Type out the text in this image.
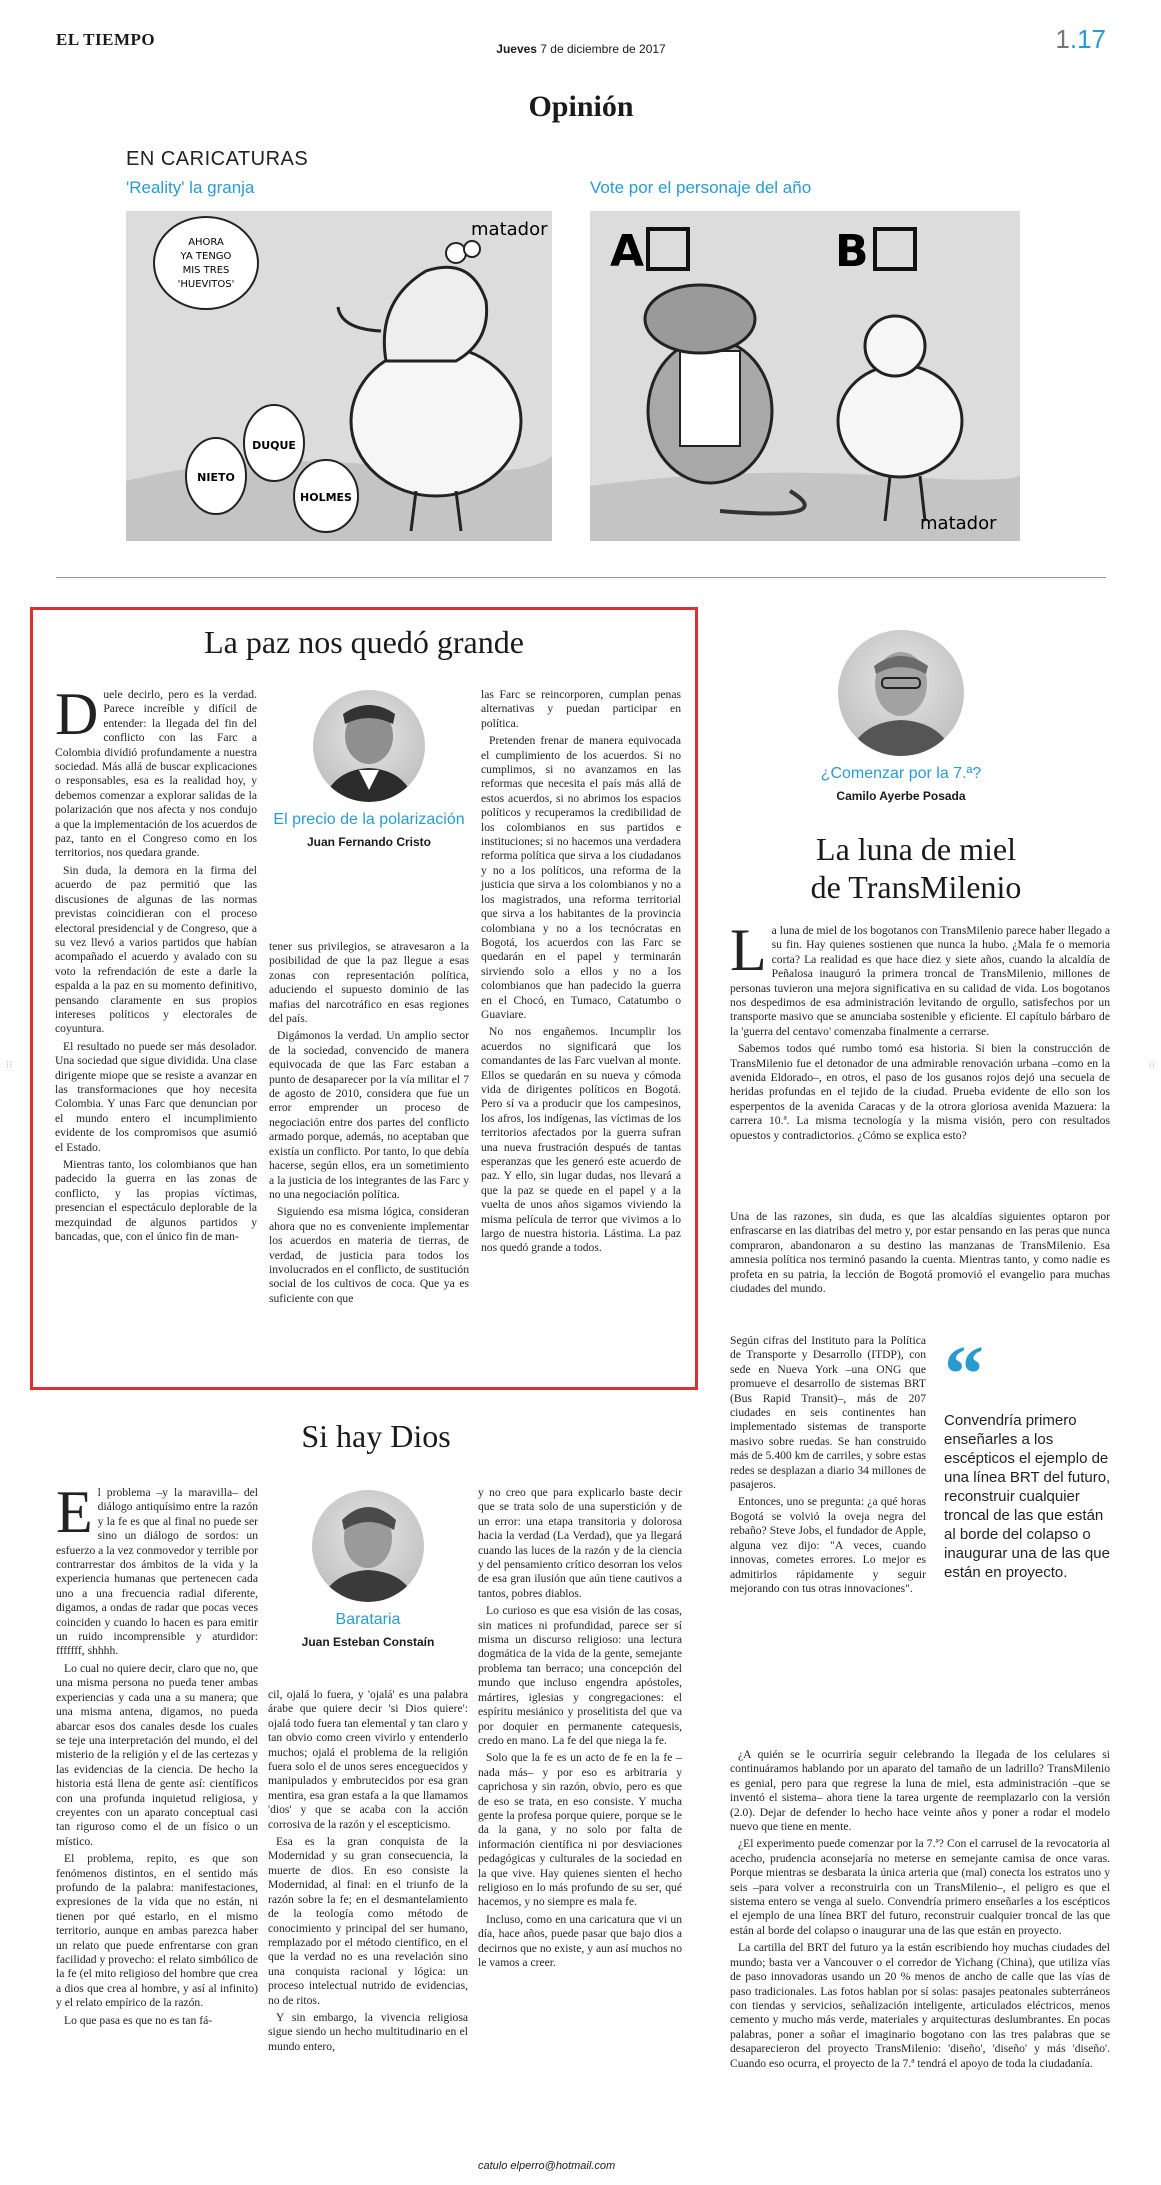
EL TIEMPO	Jueves 7 de diciembre de 2017	1.17
Opinión
EN CARICATURAS
'Reality' la granja	Vote por el personaje del año
AHORA
YA TENGO
MIS TRES
'HUEVITOS'
NIETO
DUQUE
HOLMES
matador A	B
matador
La paz nos quedó grande

Duele decirlo, pero es la verdad. Parece increíble y difícil de entender: la llegada del fin del conflicto con las Farc a Colombia dividió profundamente a nuestra sociedad. Más allá de buscar explicaciones o responsables, esa es la realidad hoy, y debemos comenzar a explorar salidas de la polarización que nos afecta y nos condujo a que la implementación de los acuerdos de paz, tanto en el Congreso como en los territorios, nos quedara grande.

Sin duda, la demora en la firma del acuerdo de paz permitió que las discusiones de algunas de las normas previstas coincidieran con el proceso electoral presidencial y de Congreso, que a su vez llevó a varios partidos que habían acompañado el acuerdo y avalado con su voto la refrendación de este a darle la espalda a la paz en su momento definitivo, pensando claramente en sus propios intereses políticos y electorales de coyuntura.

El resultado no puede ser más desolador. Una sociedad que sigue dividida. Una clase dirigente miope que se resiste a avanzar en las transformaciones que hoy necesita Colombia. Y unas Farc que denuncian por el mundo entero el incumplimiento evidente de los compromisos que asumió el Estado.

Mientras tanto, los colombianos que han padecido la guerra en las zonas de conflicto, y las propias víctimas, presencian el espectáculo deplorable de la mezquindad de algunos partidos y bancadas, que, con el único fin de man-

El precio de la polarización
Juan Fernando Cristo

tener sus privilegios, se atravesaron a la posibilidad de que la paz llegue a esas zonas con representación política, aduciendo el supuesto dominio de las mafias del narcotráfico en esas regiones del país.

Digámonos la verdad. Un amplio sector de la sociedad, convencido de manera equivocada de que las Farc estaban a punto de desaparecer por la vía militar el 7 de agosto de 2010, considera que fue un error emprender un proceso de negociación entre dos partes del conflicto armado porque, además, no aceptaban que existía un conflicto. Por tanto, lo que debía hacerse, según ellos, era un sometimiento a la justicia de los integrantes de las Farc y no una negociación política.

Siguiendo esa misma lógica, consideran ahora que no es conveniente implementar los acuerdos en materia de tierras, de verdad, de justicia para todos los involucrados en el conflicto, de sustitución social de los cultivos de coca. Que ya es suficiente con que

las Farc se reincorporen, cumplan penas alternativas y puedan participar en política.

Pretenden frenar de manera equivocada el cumplimiento de los acuerdos. Si no cumplimos, si no avanzamos en las reformas que necesita el país más allá de estos acuerdos, si no abrimos los espacios políticos y recuperamos la credibilidad de los colombianos en sus partidos e instituciones; si no hacemos una verdadera reforma política que sirva a los ciudadanos y no a los políticos, una reforma de la justicia que sirva a los colombianos y no a los magistrados, una reforma territorial que sirva a los habitantes de la provincia colombiana y no a los tecnócratas en Bogotá, los acuerdos con las Farc se quedarán en el papel y terminarán sirviendo solo a ellos y no a los colombianos que han padecido la guerra en el Chocó, en Tumaco, Catatumbo o Guaviare.

No nos engañemos. Incumplir los acuerdos no significará que los comandantes de las Farc vuelvan al monte. Ellos se quedarán en su nueva y cómoda vida de dirigentes políticos en Bogotá. Pero sí va a producir que los campesinos, los afros, los indígenas, las víctimas de los territorios afectados por la guerra sufran una nueva frustración después de tantas esperanzas que les generó este acuerdo de paz. Y ello, sin lugar dudas, nos llevará a que la paz se quede en el papel y a la vuelta de unos años sigamos viviendo la misma película de terror que vivimos a lo largo de nuestra historia. Lástima. La paz nos quedó grande a todos.

Si hay Dios

El problema –y la maravilla– del diálogo antiquísimo entre la razón y la fe es que al final no puede ser sino un diálogo de sordos: un esfuerzo a la vez conmovedor y terrible por contrarrestar dos ámbitos de la vida y la experiencia humanas que pertenecen cada uno a una frecuencia radial diferente, digamos, a ondas de radar que pocas veces coinciden y cuando lo hacen es para emitir un ruido incomprensible y aturdidor: fffffff, shhhh.

Lo cual no quiere decir, claro que no, que una misma persona no pueda tener ambas experiencias y cada una a su manera; que una misma antena, digamos, no pueda abarcar esos dos canales desde los cuales se teje una interpretación del mundo, el del misterio de la religión y el de las certezas y las evidencias de la ciencia. De hecho la historia está llena de gente así: científicos con una profunda inquietud religiosa, y creyentes con un aparato conceptual casi tan riguroso como el de un físico o un místico.

El problema, repito, es que son fenómenos distintos, en el sentido más profundo de la palabra: manifestaciones, expresiones de la vida que no están, ni tienen por qué estarlo, en el mismo territorio, aunque en ambas parezca haber un relato que puede enfrentarse con gran facilidad y provecho: el relato simbólico de la fe (el mito religioso del hombre que crea a dios que crea al hombre, y así al infinito) y el relato empírico de la razón.

Lo que pasa es que no es tan fá-

Barataria
Juan Esteban Constaín

cil, ojalá lo fuera, y 'ojalá' es una palabra árabe que quiere decir 'si Dios quiere': ojalá todo fuera tan elemental y tan claro y tan obvio como creen vivirlo y entenderlo muchos; ojalá el problema de la religión fuera solo el de unos seres enceguecidos y manipulados y embrutecidos por esa gran mentira, esa gran estafa a la que llamamos 'dios' y que se acaba con la acción corrosiva de la razón y el escepticismo.

Esa es la gran conquista de la Modernidad y su gran consecuencia, la muerte de dios. En eso consiste la Modernidad, al final: en el triunfo de la razón sobre la fe; en el desmantelamiento de la teología como método de conocimiento y principal del ser humano, remplazado por el método científico, en el que la verdad no es una revelación sino una conquista racional y lógica: un proceso intelectual nutrido de evidencias, no de ritos.

Y sin embargo, la vivencia religiosa sigue siendo un hecho multitudinario en el mundo entero,

y no creo que para explicarlo baste decir que se trata solo de una superstición y de un error: una etapa transitoria y dolorosa hacia la verdad (La Verdad), que ya llegará cuando las luces de la razón y de la ciencia y del pensamiento crítico desorran los velos de esa gran ilusión que aún tiene cautivos a tantos, pobres diablos.

Lo curioso es que esa visión de las cosas, sin matices ni profundidad, parece ser sí misma un discurso religioso: una lectura dogmática de la vida de la gente, semejante problema tan berraco; una concepción del mundo que incluso engendra apóstoles, mártires, iglesias y congregaciones: el espíritu mesiánico y proselitista del que va por doquier en permanente catequesis, credo en mano. La fe del que niega la fe.

Solo que la fe es un acto de fe en la fe –nada más– y por eso es arbitraria y caprichosa y sin razón, obvio, pero es que de eso se trata, en eso consiste. Y mucha gente la profesa porque quiere, porque se le da la gana, y no solo por falta de información científica ni por desviaciones pedagógicas y culturales de la sociedad en la que vive. Hay quienes sienten el hecho religioso en lo más profundo de su ser, qué hacemos, y no siempre es mala fe.

Incluso, como en una caricatura que vi un día, hace años, puede pasar que bajo dios a decirnos que no existe, y aun así muchos no le vamos a creer.

catulo elperro@hotmail.com
¿Comenzar por la 7.ª?
Camilo Ayerbe Posada
La luna de miel
de TransMilenio

La luna de miel de los bogotanos con TransMilenio parece haber llegado a su fin. Hay quienes sostienen que nunca la hubo. ¿Mala fe o memoria corta? La realidad es que hace diez y siete años, cuando la alcaldía de Peñalosa inauguró la primera troncal de TransMilenio, millones de personas tuvieron una mejora significativa en su calidad de vida. Los bogotanos nos despedimos de esa administración levitando de orgullo, satisfechos por un transporte masivo que se anunciaba sostenible y eficiente. El capítulo bárbaro de la 'guerra del centavo' comenzaba finalmente a cerrarse.

Sabemos todos qué rumbo tomó esa historia. Si bien la construcción de TransMilenio fue el detonador de una admirable renovación urbana –como en la avenida Eldorado–, en otros, el paso de los gusanos rojos dejó una secuela de heridas profundas en el tejido de la ciudad. Prueba evidente de ello son los esperpentos de la avenida Caracas y de la otrora gloriosa avenida Mazuera: la carrera 10.ª. La misma tecnología y la misma visión, pero con resultados opuestos y contradictorios. ¿Cómo se explica esto?

Una de las razones, sin duda, es que las alcaldías siguientes optaron por enfrascarse en las diatribas del metro y, por estar pensando en las peras que nunca compraron, abandonaron a su destino las manzanas de TransMilenio. Esa amnesia política nos terminó pasando la cuenta. Mientras tanto, y como nadie es profeta en su patria, la lección de Bogotá promovió el evangelio para muchas ciudades del mundo.

Según cifras del Instituto para la Política de Transporte y Desarrollo (ITDP), con sede en Nueva York –una ONG que promueve el desarrollo de sistemas BRT (Bus Rapid Transit)–, más de 207 ciudades en seis continentes han implementado sistemas de transporte masivo sobre ruedas. Se han construido más de 5.400 km de carriles, y sobre estas redes se desplazan a diario 34 millones de pasajeros.

Entonces, uno se pregunta: ¿a qué horas Bogotá se volvió la oveja negra del rebaño? Steve Jobs, el fundador de Apple, alguna vez dijo: "A veces, cuando innovas, cometes errores. Lo mejor es admitirlos rápidamente y seguir mejorando con tus otras innovaciones".

“
Convendría primero enseñarles a los escépticos el ejemplo de una línea BRT del futuro, reconstruir cualquier troncal de las que están al borde del colapso o inaugurar una de las que están en proyecto.

¿A quién se le ocurriría seguir celebrando la llegada de los celulares si continuáramos hablando por un aparato del tamaño de un ladrillo? TransMilenio es genial, pero para que regrese la luna de miel, esta administración –que se inventó el sistema– ahora tiene la tarea urgente de reemplazarlo con la versión (2.0). Dejar de defender lo hecho hace veinte años y poner a rodar el modelo nuevo que tiene en mente.

¿El experimento puede comenzar por la 7.ª? Con el carrusel de la revocatoria al acecho, prudencia aconsejaría no meterse en semejante camisa de once varas. Porque mientras se desbarata la única arteria que (mal) conecta los estratos uno y seis –para volver a reconstruirla con un TransMilenio–, el peligro es que el sistema entero se venga al suelo. Convendría primero enseñarles a los escépticos el ejemplo de una línea BRT del futuro, reconstruir cualquier troncal de las que están al borde del colapso o inaugurar una de las que están en proyecto.

La cartilla del BRT del futuro ya la están escribiendo hoy muchas ciudades del mundo; basta ver a Vancouver o el corredor de Yichang (China), que utiliza vías de paso innovadoras usando un 20 % menos de ancho de calle que las vías de paso tradicionales. Las fotos hablan por sí solas: pasajes peatonales subterráneos con tiendas y servicios, señalización inteligente, articulados eléctricos, menos cemento y mucho más verde, materiales y arquitecturas deslumbrantes. En pocas palabras, poner a soñar el imaginario bogotano con las tres palabras que se desaparecieron del proyecto TransMilenio: 'diseño', 'diseño' y más 'diseño'. Cuando eso ocurra, el proyecto de la 7.ª tendrá el apoyo de toda la ciudadanía.

⁝⁝	⁝⁝
